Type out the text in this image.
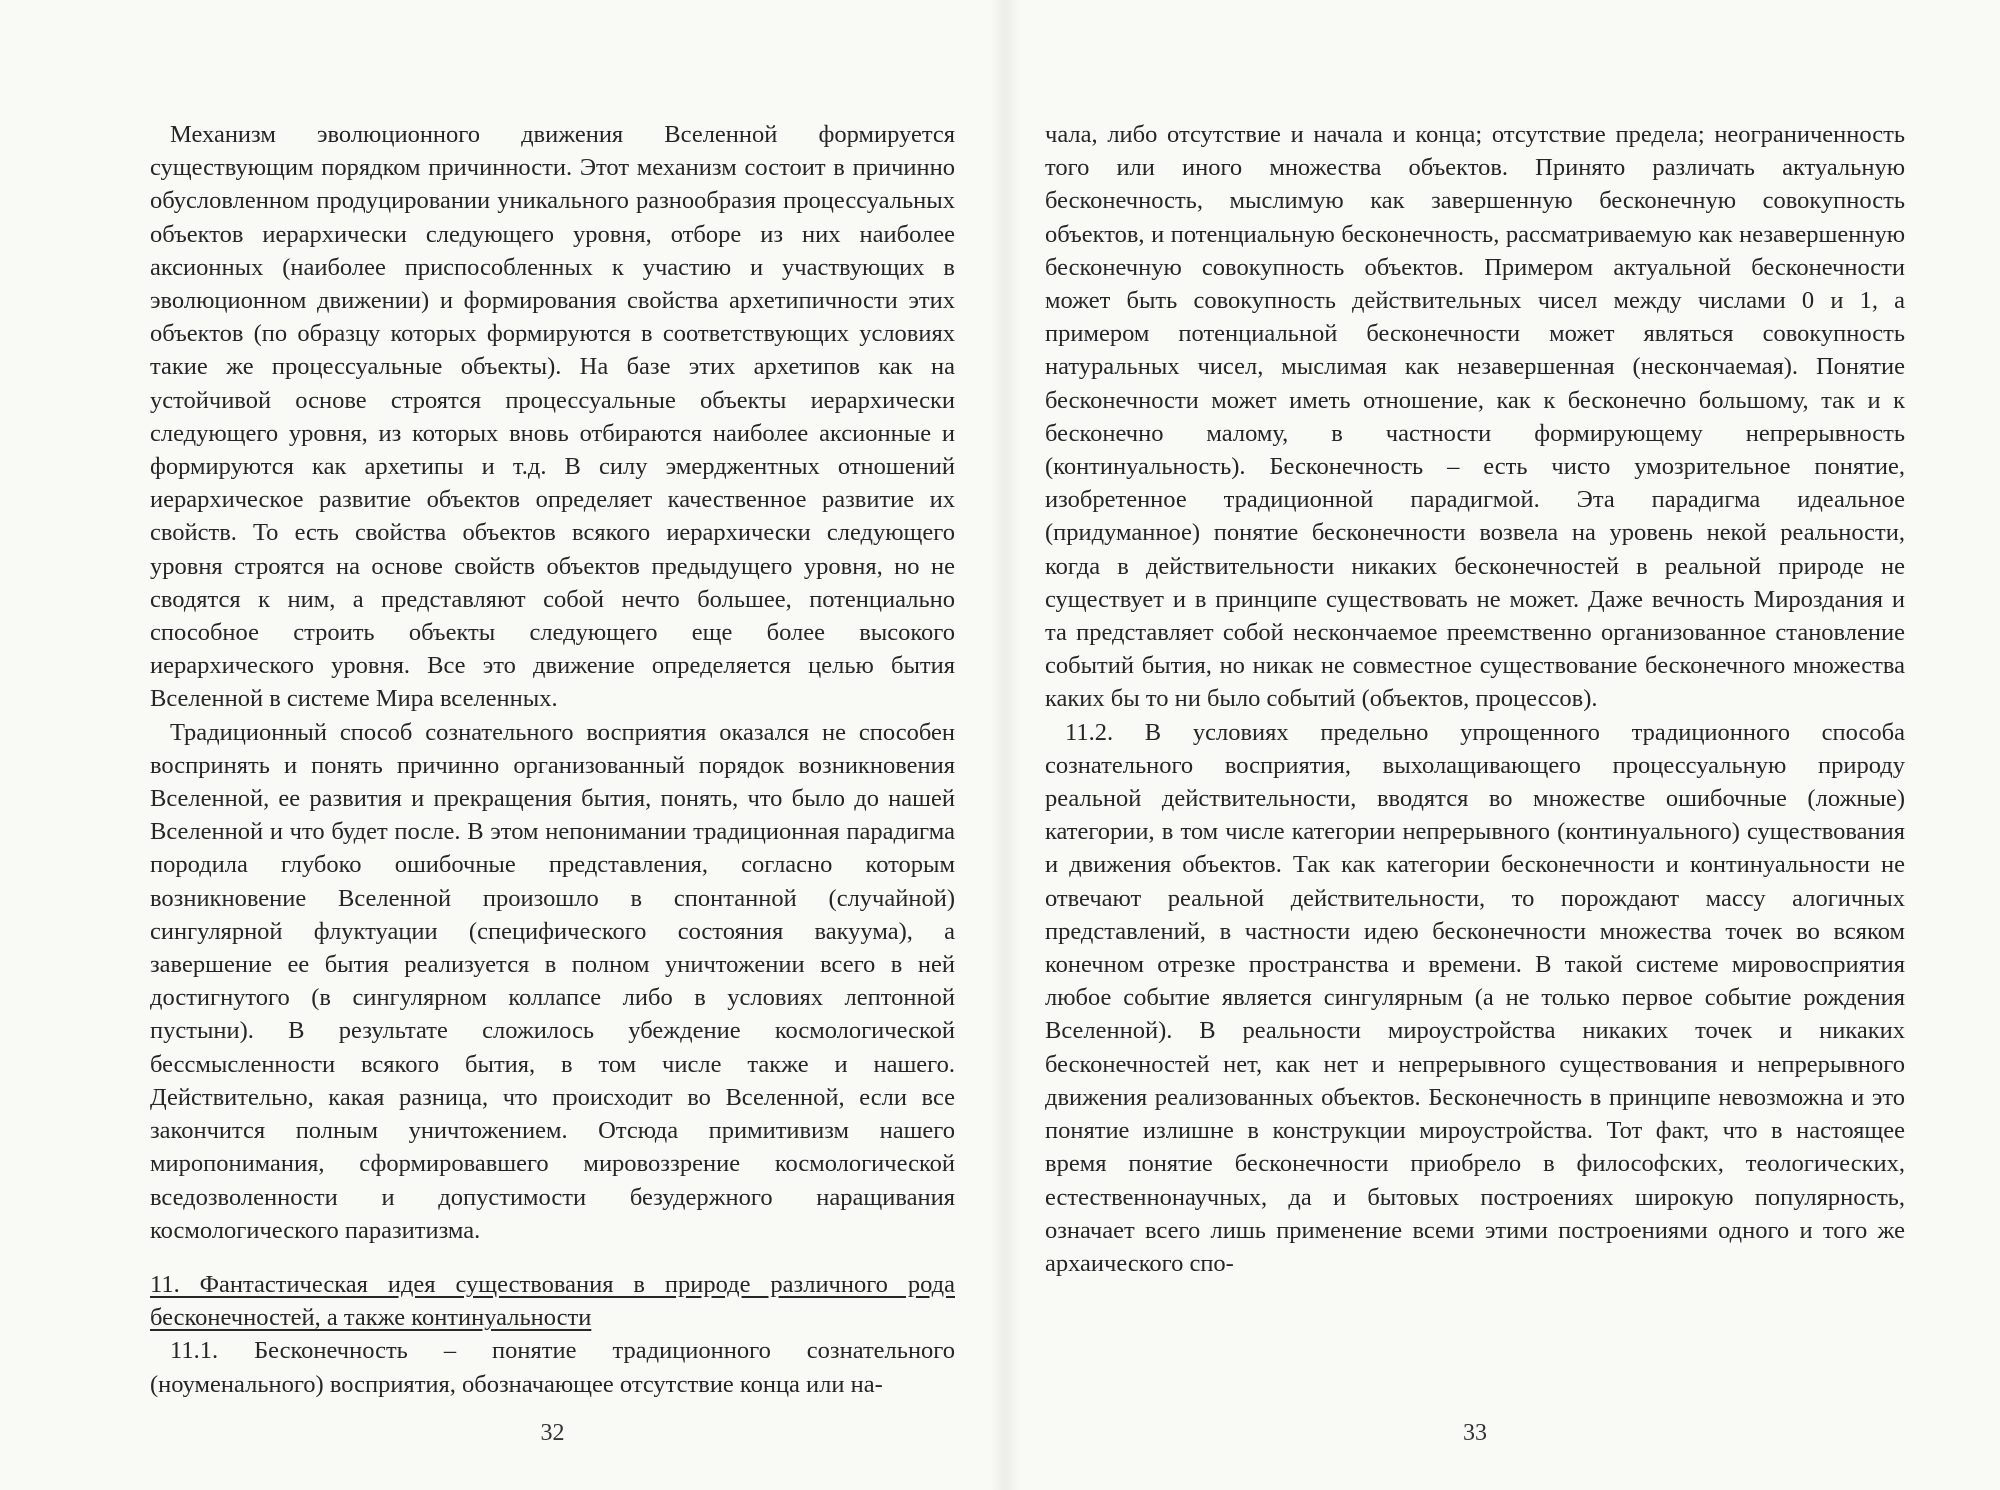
Механизм эволюционного движения Вселенной формируется существующим порядком причинности. Этот механизм состоит в причинно обусловленном продуцировании уникального разнообразия процессуальных объектов иерархически следующего уровня, отборе из них наиболее аксионных (наиболее приспособленных к участию и участвующих в эволюционном движении) и формирования свойства архетипичности этих объектов (по образцу которых формируются в соответствующих условиях такие же процессуальные объекты). На базе этих архетипов как на устойчивой основе строятся процессуальные объекты иерархически следующего уровня, из которых вновь отбираются наиболее аксионные и формируются как архетипы и т.д. В силу эмерджентных отношений иерархическое развитие объектов определяет качественное развитие их свойств. То есть свойства объектов всякого иерархически следующего уровня строятся на основе свойств объектов предыдущего уровня, но не сводятся к ним, а представляют собой нечто большее, потенциально способное строить объекты следующего еще более высокого иерархического уровня. Все это движение определяется целью бытия Вселенной в системе Мира вселенных.

Традиционный способ сознательного восприятия оказался не способен воспринять и понять причинно организованный порядок возникновения Вселенной, ее развития и прекращения бытия, понять, что было до нашей Вселенной и что будет после. В этом непонимании традиционная парадигма породила глубоко ошибочные представления, согласно которым возникновение Вселенной произошло в спонтанной (случайной) сингулярной флуктуации (специфического состояния вакуума), а завершение ее бытия реализуется в полном уничтожении всего в ней достигнутого (в сингулярном коллапсе либо в условиях лептонной пустыни). В результате сложилось убеждение космологической бессмысленности всякого бытия, в том числе также и нашего. Действительно, какая разница, что происходит во Вселенной, если все закончится полным уничтожением. Отсюда примитивизм нашего миропонимания, сформировавшего мировоззрение космологической вседозволенности и допустимости безудержного наращивания космологического паразитизма.

11. Фантастическая идея существования в природе различного рода бесконечностей, а также континуальности

11.1. Бесконечность – понятие традиционного сознательного (ноуменального) восприятия, обозначающее отсутствие конца или на-

32

чала, либо отсутствие и начала и конца; отсутствие предела; неограниченность того или иного множества объектов. Принято различать актуальную бесконечность, мыслимую как завершенную бесконечную совокупность объектов, и потенциальную бесконечность, рассматриваемую как незавершенную бесконечную совокупность объектов. Примером актуальной бесконечности может быть совокупность действительных чисел между числами 0 и 1, а примером потенциальной бесконечности может являться совокупность натуральных чисел, мыслимая как незавершенная (нескончаемая). Понятие бесконечности может иметь отношение, как к бесконечно большому, так и к бесконечно малому, в частности формирующему непрерывность (континуальность). Бесконечность – есть чисто умозрительное понятие, изобретенное традиционной парадигмой. Эта парадигма идеальное (придуманное) понятие бесконечности возвела на уровень некой реальности, когда в действительности никаких бесконечностей в реальной природе не существует и в принципе существовать не может. Даже вечность Мироздания и та представляет собой нескончаемое преемственно организованное становление событий бытия, но никак не совместное существование бесконечного множества каких бы то ни было событий (объектов, процессов).

11.2. В условиях предельно упрощенного традиционного способа сознательного восприятия, выхолащивающего процессуальную природу реальной действительности, вводятся во множестве ошибочные (ложные) категории, в том числе категории непрерывного (континуального) существования и движения объектов. Так как категории бесконечности и континуальности не отвечают реальной действительности, то порождают массу алогичных представлений, в частности идею бесконечности множества точек во всяком конечном отрезке пространства и времени. В такой системе мировосприятия любое событие является сингулярным (а не только первое событие рождения Вселенной). В реальности мироустройства никаких точек и никаких бесконечностей нет, как нет и непрерывного существования и непрерывного движения реализованных объектов. Бесконечность в принципе невозможна и это понятие излишне в конструкции мироустройства. Тот факт, что в настоящее время понятие бесконечности приобрело в философских, теологических, естественнонаучных, да и бытовых построениях широкую популярность, означает всего лишь применение всеми этими построениями одного и того же архаического спо-

33
